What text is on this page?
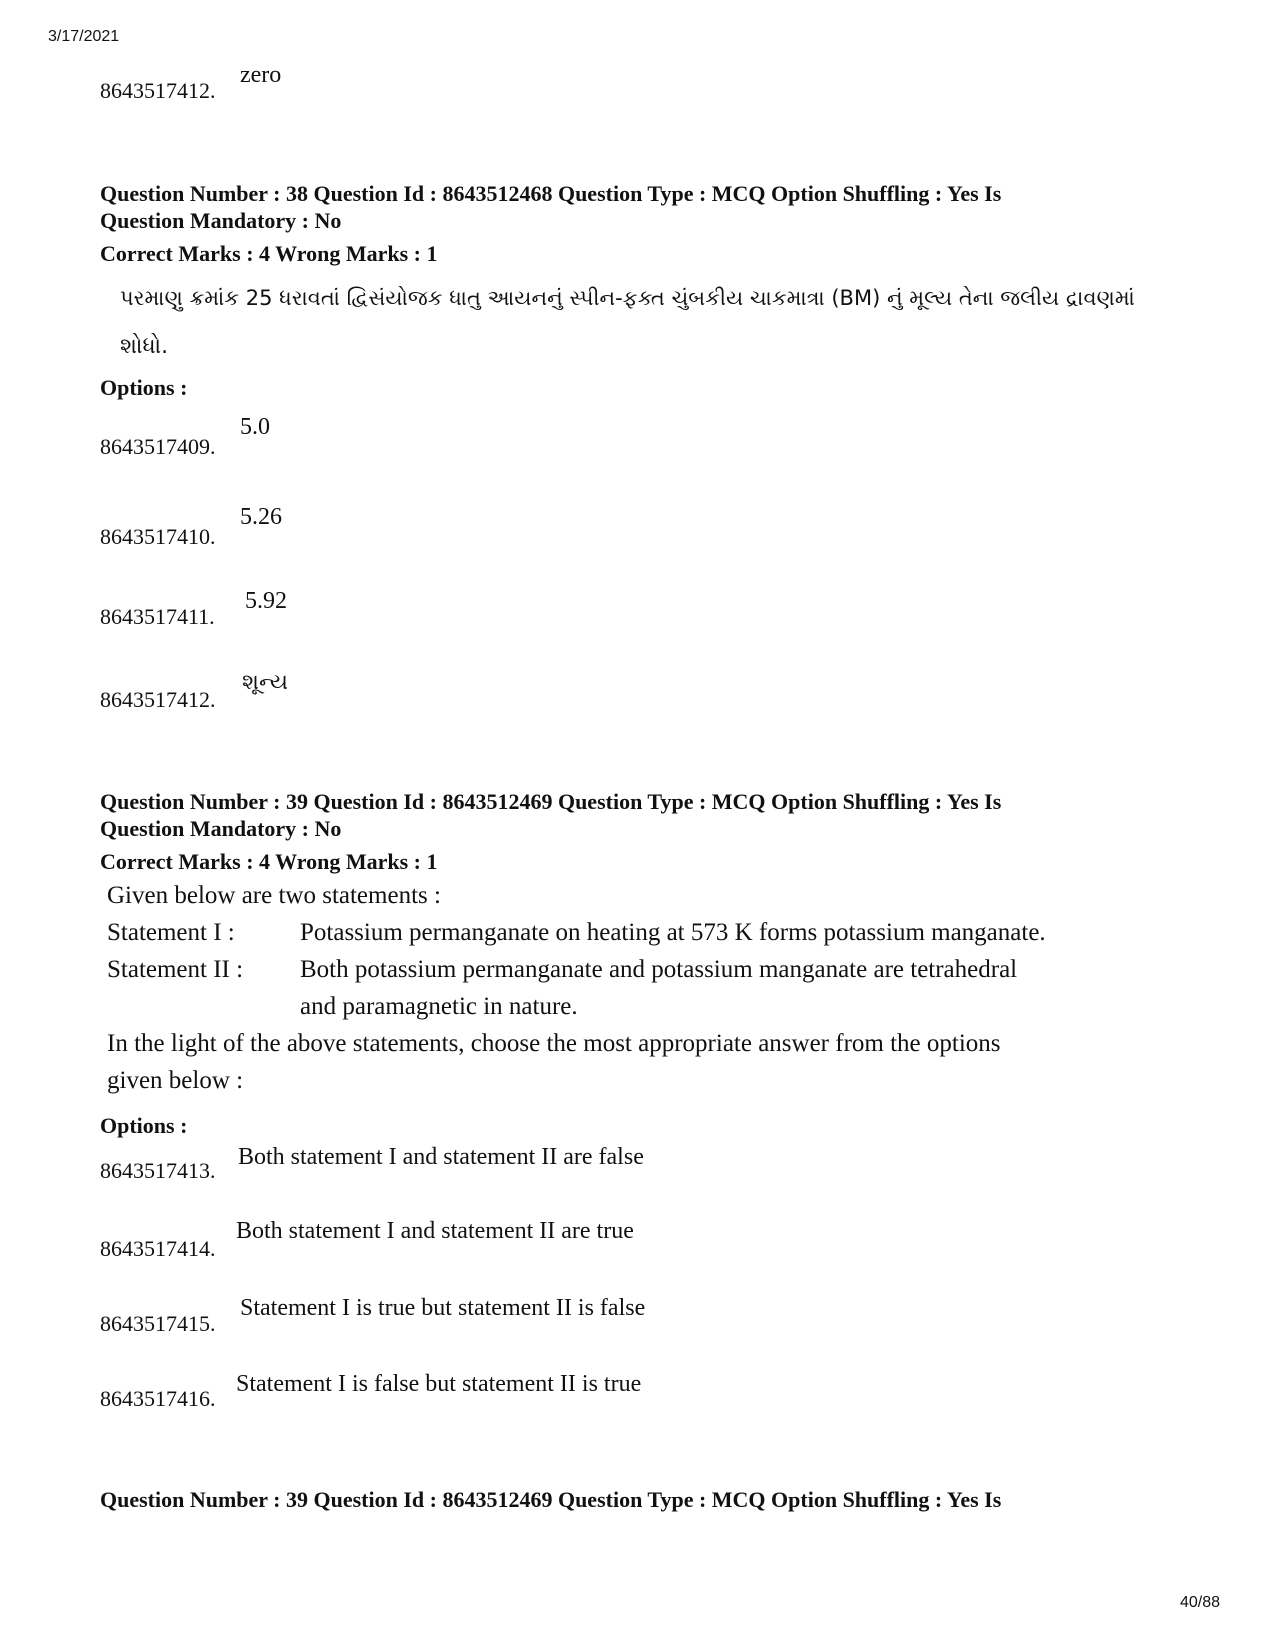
3/17/2021
8643517412.
zero
Question Number : 38 Question Id : 8643512468 Question Type : MCQ Option Shuffling : Yes Is
Question Mandatory : No
Correct Marks : 4 Wrong Marks : 1
પરમાણુ ક્રમાંક 25 ધરાવતાં દ્વિસંયોજક ધાતુ આયનનું સ્પીન-ફક્ત ચુંબકીય ચાકમાત્રા (BM) નું મૂલ્ય તેના જલીય દ્રાવણમાં
શોધો.
Options :
8643517409.
5.0
8643517410.
5.26
8643517411.
5.92
8643517412.
શૂન્ય
Question Number : 39 Question Id : 8643512469 Question Type : MCQ Option Shuffling : Yes Is
Question Mandatory : No
Correct Marks : 4 Wrong Marks : 1
Given below are two statements :
Statement I :	Potassium permanganate on heating at 573 K forms potassium manganate.
Statement II : Both potassium permanganate and potassium manganate are tetrahedral
and paramagnetic in nature.
In the light of the above statements, choose the most appropriate answer from the options
given below :
Options :
8643517413.
Both statement I and statement II are false
8643517414.
Both statement I and statement II are true
8643517415.
Statement I is true but statement II is false
8643517416.
Statement I is false but statement II is true
Question Number : 39 Question Id : 8643512469 Question Type : MCQ Option Shuffling : Yes Is
40/88
